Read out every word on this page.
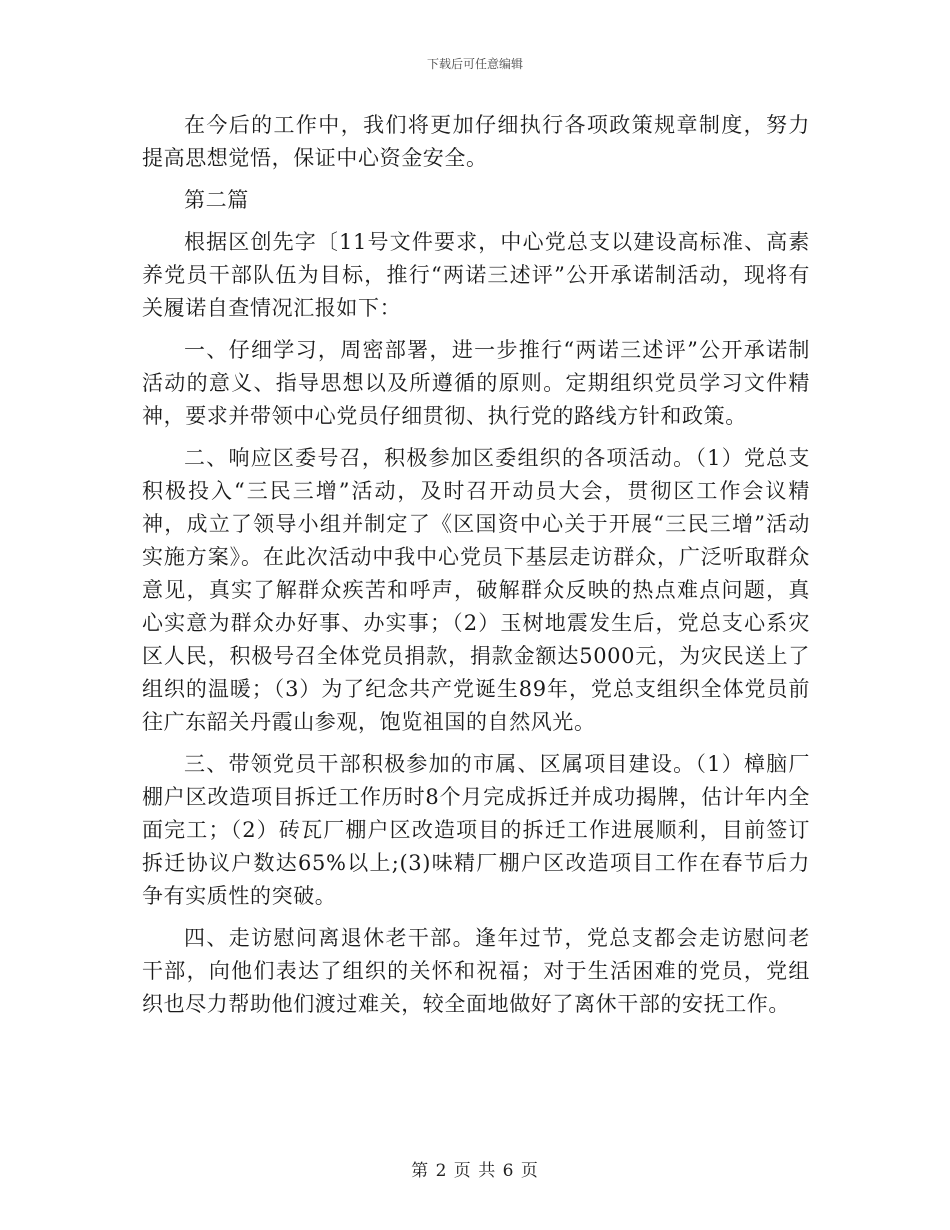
下载后可任意编辑

在今后的工作中，我们将更加仔细执行各项政策规章制度，努力提高思想觉悟，保证中心资金安全。

第二篇

根据区创先字〔11号文件要求，中心党总支以建设高标准、高素养党员干部队伍为目标，推行“两诺三述评”公开承诺制活动，现将有关履诺自查情况汇报如下：

一、仔细学习，周密部署，进一步推行“两诺三述评”公开承诺制活动的意义、指导思想以及所遵循的原则。定期组织党员学习文件精神，要求并带领中心党员仔细贯彻、执行党的路线方针和政策。

二、响应区委号召，积极参加区委组织的各项活动。（1）党总支积极投入“三民三增”活动，及时召开动员大会，贯彻区工作会议精神，成立了领导小组并制定了《区国资中心关于开展“三民三增”活动实施方案》。在此次活动中我中心党员下基层走访群众，广泛听取群众意见，真实了解群众疾苦和呼声，破解群众反映的热点难点问题，真心实意为群众办好事、办实事；（2）玉树地震发生后，党总支心系灾区人民，积极号召全体党员捐款，捐款金额达5000元，为灾民送上了组织的温暖；（3）为了纪念共产党诞生89年，党总支组织全体党员前往广东韶关丹霞山参观，饱览祖国的自然风光。

三、带领党员干部积极参加的市属、区属项目建设。（1）樟脑厂棚户区改造项目拆迁工作历时8个月完成拆迁并成功揭牌，估计年内全面完工；（2）砖瓦厂棚户区改造项目的拆迁工作进展顺利，目前签订拆迁协议户数达65%以上;(3)味精厂棚户区改造项目工作在春节后力争有实质性的突破。

四、走访慰问离退休老干部。逢年过节，党总支都会走访慰问老干部，向他们表达了组织的关怀和祝福；对于生活困难的党员，党组织也尽力帮助他们渡过难关，较全面地做好了离休干部的安抚工作。

第 2 页 共 6 页
